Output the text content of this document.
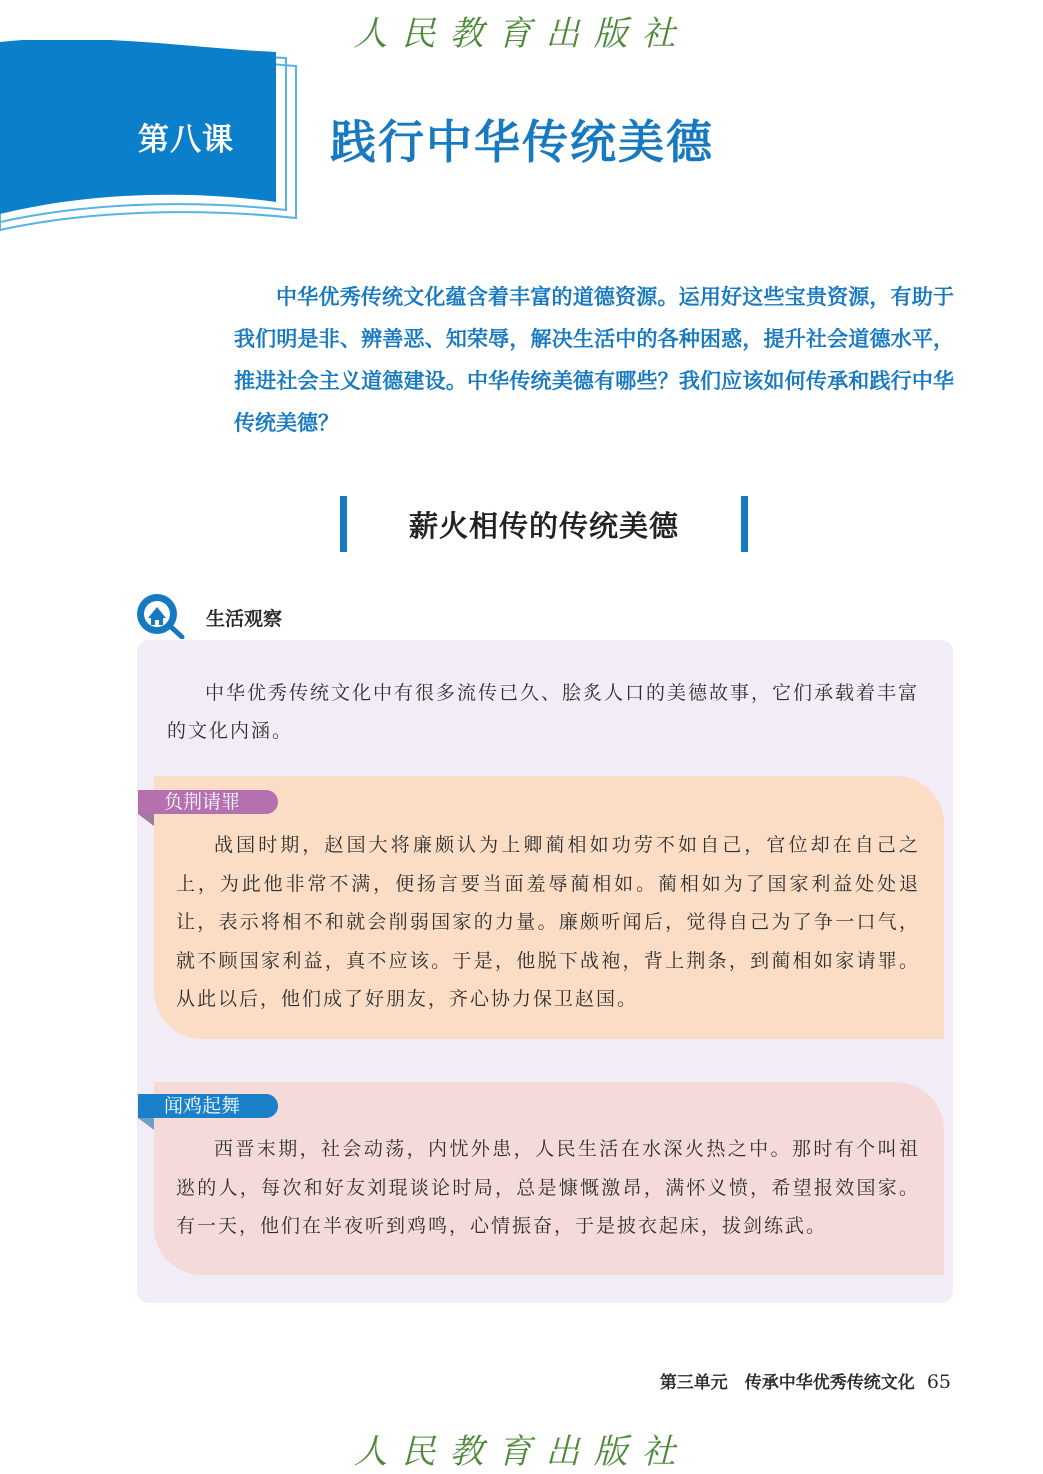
人民教育出版社
第八课 践行中华传统美德

中华优秀传统文化蕴含着丰富的道德资源。运用好这些宝贵资源，有助于我们明是非、辨善恶、知荣辱，解决生活中的各种困惑，提升社会道德水平，推进社会主义道德建设。中华传统美德有哪些？我们应该如何传承和践行中华传统美德？

薪火相传的传统美德
生活观察

中华优秀传统文化中有很多流传已久、脍炙人口的美德故事，它们承载着丰富的文化内涵。

负荆请罪

战国时期，赵国大将廉颇认为上卿蔺相如功劳不如自己，官位却在自己之上，为此他非常不满，便扬言要当面羞辱蔺相如。蔺相如为了国家利益处处退让，表示将相不和就会削弱国家的力量。廉颇听闻后，觉得自己为了争一口气，就不顾国家利益，真不应该。于是，他脱下战袍，背上荆条，到蔺相如家请罪。从此以后，他们成了好朋友，齐心协力保卫赵国。

闻鸡起舞

西晋末期，社会动荡，内忧外患，人民生活在水深火热之中。那时有个叫祖逖的人，每次和好友刘琨谈论时局，总是慷慨激昂，满怀义愤，希望报效国家。有一天，他们在半夜听到鸡鸣，心情振奋，于是披衣起床，拔剑练武。

第三单元　传承中华优秀传统文化 65
人民教育出版社
